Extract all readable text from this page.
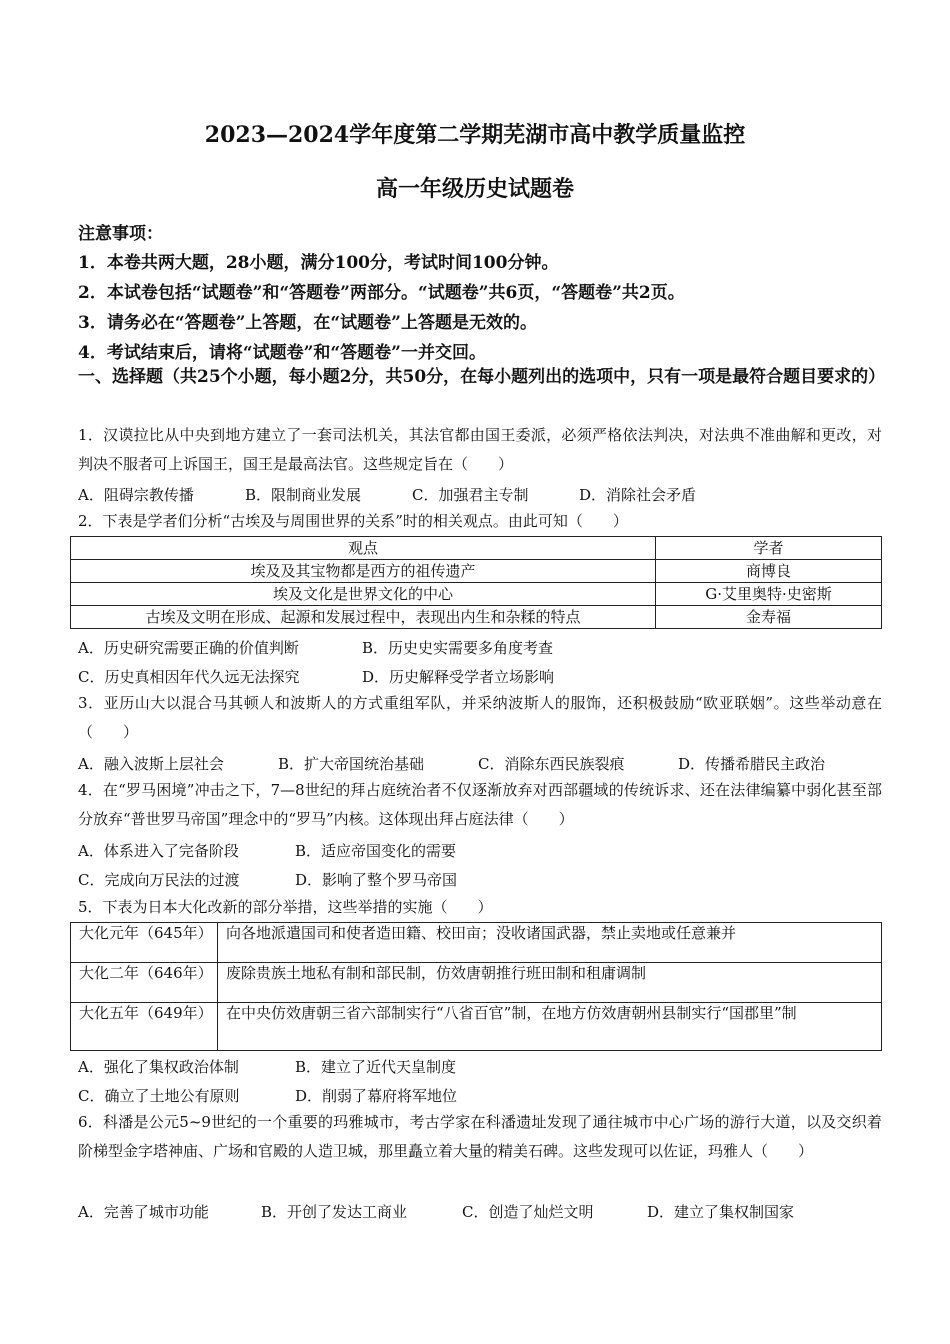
2023—2024学年度第二学期芜湖市高中教学质量监控
高一年级历史试题卷
注意事项：
1．本卷共两大题，28小题，满分100分，考试时间100分钟。
2．本试卷包括“试题卷”和“答题卷”两部分。“试题卷”共6页，“答题卷”共2页。
3．请务必在“答题卷”上答题，在“试题卷”上答题是无效的。
4．考试结束后，请将“试题卷”和“答题卷”一并交回。
一、选择题（共25个小题，每小题2分，共50分，在每小题列出的选项中，只有一项是最符合题目要求的）
1．汉谟拉比从中央到地方建立了一套司法机关，其法官都由国王委派，必须严格依法判决，对法典不准曲解和更改，对判决不服者可上诉国王，国王是最高法官。这些规定旨在（　　）
A．阻碍宗教传播	B．限制商业发展	C．加强君主专制	D．消除社会矛盾
2．下表是学者们分析“古埃及与周围世界的关系”时的相关观点。由此可知（　　）
观点	学者
埃及及其宝物都是西方的祖传遗产	商博良
埃及文化是世界文化的中心	G·艾里奥特·史密斯
古埃及文明在形成、起源和发展过程中，表现出内生和杂糅的特点	金寿福
A．历史研究需要正确的价值判断	B．历史史实需要多角度考查
C．历史真相因年代久远无法探究	D．历史解释受学者立场影响
3．亚历山大以混合马其顿人和波斯人的方式重组军队，并采纳波斯人的服饰，还积极鼓励“欧亚联姻”。这些举动意在（　　）
A．融入波斯上层社会	B．扩大帝国统治基础	C．消除东西民族裂痕	D．传播希腊民主政治
4．在“罗马困境”冲击之下，7—8世纪的拜占庭统治者不仅逐渐放弃对西部疆域的传统诉求、还在法律编纂中弱化甚至部分放弃“普世罗马帝国”理念中的“罗马”内核。这体现出拜占庭法律（　　）
A．体系进入了完备阶段	B．适应帝国变化的需要
C．完成向万民法的过渡	D．影响了整个罗马帝国
5．下表为日本大化改新的部分举措，这些举措的实施（　　）
大化元年（645年）	向各地派遣国司和使者造田籍、校田亩；没收诸国武器，禁止卖地或任意兼并
大化二年（646年）	废除贵族土地私有制和部民制，仿效唐朝推行班田制和租庸调制
大化五年（649年）	在中央仿效唐朝三省六部制实行“八省百官”制，在地方仿效唐朝州县制实行“国郡里”制
A．强化了集权政治体制	B．建立了近代天皇制度
C．确立了土地公有原则	D．削弱了幕府将军地位
6．科潘是公元5~9世纪的一个重要的玛雅城市，考古学家在科潘遗址发现了通往城市中心广场的游行大道，以及交织着阶梯型金字塔神庙、广场和官殿的人造卫城，那里矗立着大量的精美石碑。这些发现可以佐证，玛雅人（　　）
A．完善了城市功能	B．开创了发达工商业	C．创造了灿烂文明	D．建立了集权制国家
